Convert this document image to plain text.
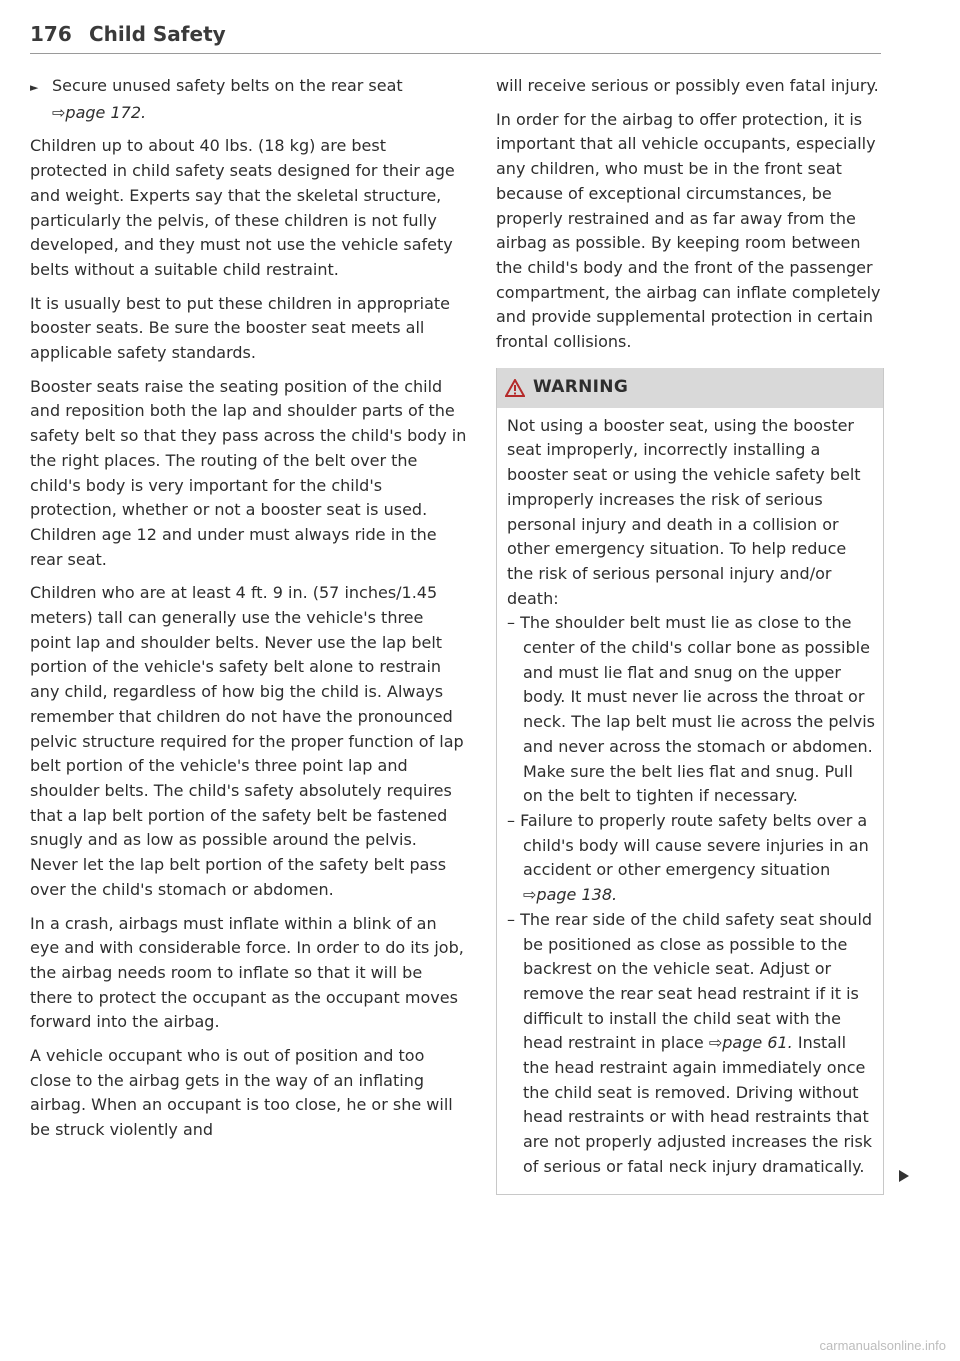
176 Child Safety

► Secure unused safety belts on the rear seat
⇨page 172.

Children up to about 40 lbs. (18 kg) are best protected in child safety seats designed for their age and weight. Experts say that the skeletal structure, particularly the pelvis, of these children is not fully developed, and they must not use the vehicle safety belts without a suitable child restraint.

It is usually best to put these children in appropriate booster seats. Be sure the booster seat meets all applicable safety standards.

Booster seats raise the seating position of the child and reposition both the lap and shoulder parts of the safety belt so that they pass across the child's body in the right places. The routing of the belt over the child's body is very important for the child's protection, whether or not a booster seat is used. Children age 12 and under must always ride in the rear seat.

Children who are at least 4 ft. 9 in. (57 inches/1.45 meters) tall can generally use the vehicle's three point lap and shoulder belts. Never use the lap belt portion of the vehicle's safety belt alone to restrain any child, regardless of how big the child is. Always remember that children do not have the pronounced pelvic structure required for the proper function of lap belt portion of the vehicle's three point lap and shoulder belts. The child's safety absolutely requires that a lap belt portion of the safety belt be fastened snugly and as low as possible around the pelvis. Never let the lap belt portion of the safety belt pass over the child's stomach or abdomen.

In a crash, airbags must inflate within a blink of an eye and with considerable force. In order to do its job, the airbag needs room to inflate so that it will be there to protect the occupant as the occupant moves forward into the airbag.

A vehicle occupant who is out of position and too close to the airbag gets in the way of an inflating airbag. When an occupant is too close, he or she will be struck violently and

will receive serious or possibly even fatal injury.

In order for the airbag to offer protection, it is important that all vehicle occupants, especially any children, who must be in the front seat because of exceptional circumstances, be properly restrained and as far away from the airbag as possible. By keeping room between the child's body and the front of the passenger compartment, the airbag can inflate completely and provide supplemental protection in certain frontal collisions.

WARNING

Not using a booster seat, using the booster seat improperly, incorrectly installing a booster seat or using the vehicle safety belt improperly increases the risk of serious personal injury and death in a collision or other emergency situation. To help reduce the risk of serious personal injury and/or death:

– The shoulder belt must lie as close to the center of the child's collar bone as possible and must lie flat and snug on the upper body. It must never lie across the throat or neck. The lap belt must lie across the pelvis and never across the stomach or abdomen. Make sure the belt lies flat and snug. Pull on the belt to tighten if necessary.

– Failure to properly route safety belts over a child's body will cause severe injuries in an accident or other emergency situation ⇨page 138.

– The rear side of the child safety seat should be positioned as close as possible to the backrest on the vehicle seat. Adjust or remove the rear seat head restraint if it is difficult to install the child seat with the head restraint in place ⇨page 61. Install the head restraint again immediately once the child seat is removed. Driving without head restraints or with head restraints that are not properly adjusted increases the risk of serious or fatal neck injury dramatically.

carmanualsonline.info
